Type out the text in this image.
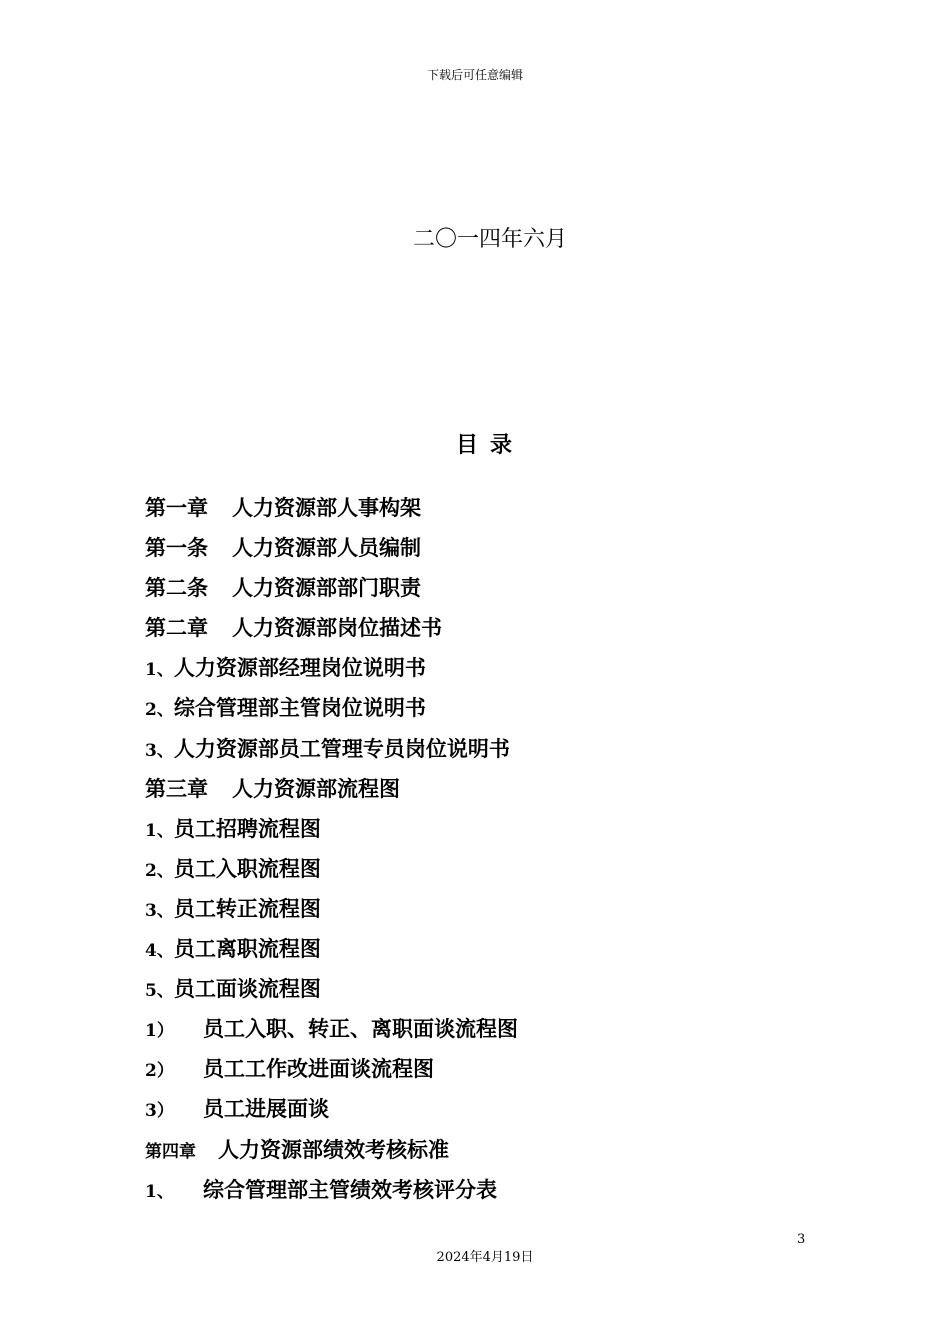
下载后可任意编辑
二〇一四年六月
目录
第一章 人力资源部人事构架
第一条 人力资源部人员编制
第二条 人力资源部部门职责
第二章 人力资源部岗位描述书
1、人力资源部经理岗位说明书
2、综合管理部主管岗位说明书
3、人力资源部员工管理专员岗位说明书
第三章 人力资源部流程图
1、员工招聘流程图
2、员工入职流程图
3、员工转正流程图
4、员工离职流程图
5、员工面谈流程图
1） 员工入职、转正、离职面谈流程图
2） 员工工作改进面谈流程图
3） 员工进展面谈
第四章 人力资源部绩效考核标准
1、 综合管理部主管绩效考核评分表
3
2024年4月19日
